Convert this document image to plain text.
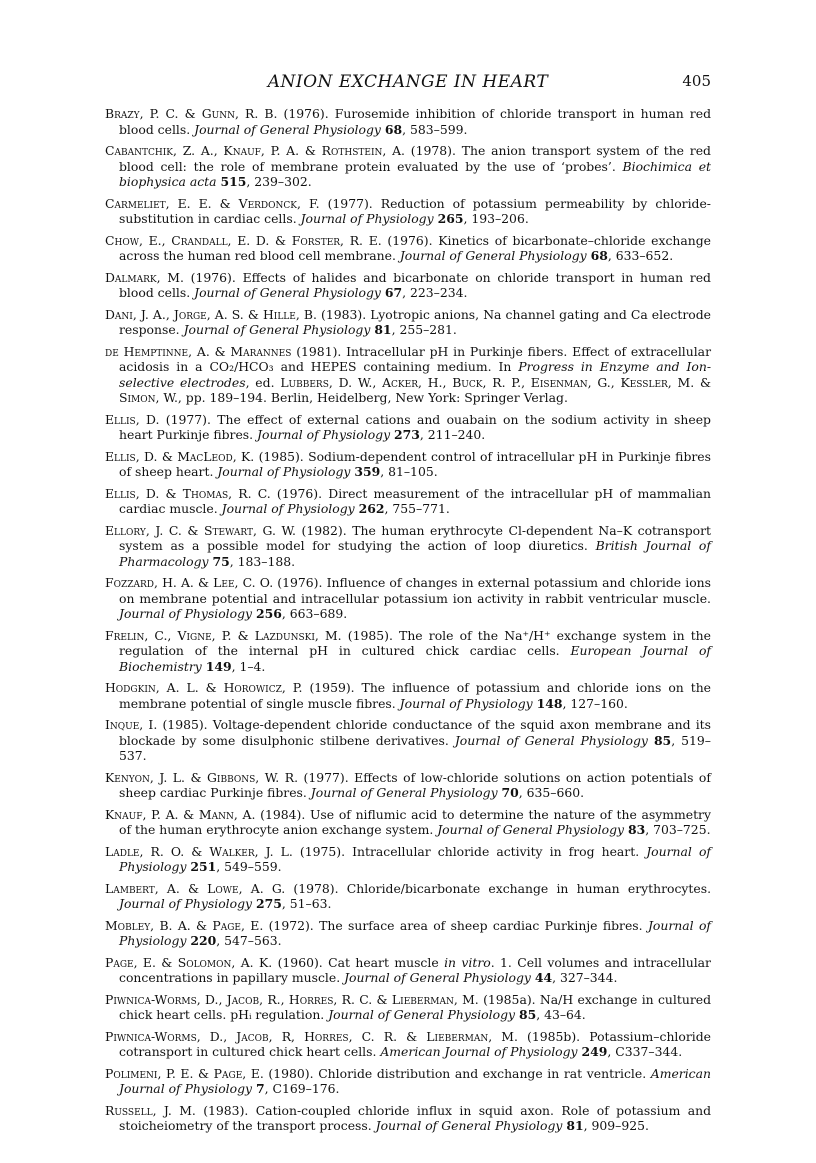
ANION EXCHANGE IN HEART	405

Brazy, P. C. & Gunn, R. B. (1976). Furosemide inhibition of chloride transport in human red blood cells. Journal of General Physiology 68, 583–599.

Cabantchik, Z. A., Knauf, P. A. & Rothstein, A. (1978). The anion transport system of the red blood cell: the role of membrane protein evaluated by the use of ‘probes’. Biochimica et biophysica acta 515, 239–302.

Carmeliet, E. E. & Verdonck, F. (1977). Reduction of potassium permeability by chloride-substitution in cardiac cells. Journal of Physiology 265, 193–206.

Chow, E., Crandall, E. D. & Forster, R. E. (1976). Kinetics of bicarbonate–chloride exchange across the human red blood cell membrane. Journal of General Physiology 68, 633–652.

Dalmark, M. (1976). Effects of halides and bicarbonate on chloride transport in human red blood cells. Journal of General Physiology 67, 223–234.

Dani, J. A., Jorge, A. S. & Hille, B. (1983). Lyotropic anions, Na channel gating and Ca electrode response. Journal of General Physiology 81, 255–281.

de Hemptinne, A. & Marannes (1981). Intracellular pH in Purkinje fibers. Effect of extracellular acidosis in a CO₂/HCO₃ and HEPES containing medium. In Progress in Enzyme and Ion-selective electrodes, ed. Lubbers, D. W., Acker, H., Buck, R. P., Eisenman, G., Kessler, M. & Simon, W., pp. 189–194. Berlin, Heidelberg, New York: Springer Verlag.

Ellis, D. (1977). The effect of external cations and ouabain on the sodium activity in sheep heart Purkinje fibres. Journal of Physiology 273, 211–240.

Ellis, D. & MacLeod, K. (1985). Sodium-dependent control of intracellular pH in Purkinje fibres of sheep heart. Journal of Physiology 359, 81–105.

Ellis, D. & Thomas, R. C. (1976). Direct measurement of the intracellular pH of mammalian cardiac muscle. Journal of Physiology 262, 755–771.

Ellory, J. C. & Stewart, G. W. (1982). The human erythrocyte Cl-dependent Na–K cotransport system as a possible model for studying the action of loop diuretics. British Journal of Pharmacology 75, 183–188.

Fozzard, H. A. & Lee, C. O. (1976). Influence of changes in external potassium and chloride ions on membrane potential and intracellular potassium ion activity in rabbit ventricular muscle. Journal of Physiology 256, 663–689.

Frelin, C., Vigne, P. & Lazdunski, M. (1985). The role of the Na⁺/H⁺ exchange system in the regulation of the internal pH in cultured chick cardiac cells. European Journal of Biochemistry 149, 1–4.

Hodgkin, A. L. & Horowicz, P. (1959). The influence of potassium and chloride ions on the membrane potential of single muscle fibres. Journal of Physiology 148, 127–160.

Inque, I. (1985). Voltage-dependent chloride conductance of the squid axon membrane and its blockade by some disulphonic stilbene derivatives. Journal of General Physiology 85, 519–537.

Kenyon, J. L. & Gibbons, W. R. (1977). Effects of low-chloride solutions on action potentials of sheep cardiac Purkinje fibres. Journal of General Physiology 70, 635–660.

Knauf, P. A. & Mann, A. (1984). Use of niflumic acid to determine the nature of the asymmetry of the human erythrocyte anion exchange system. Journal of General Physiology 83, 703–725.

Ladle, R. O. & Walker, J. L. (1975). Intracellular chloride activity in frog heart. Journal of Physiology 251, 549–559.

Lambert, A. & Lowe, A. G. (1978). Chloride/bicarbonate exchange in human erythrocytes. Journal of Physiology 275, 51–63.

Mobley, B. A. & Page, E. (1972). The surface area of sheep cardiac Purkinje fibres. Journal of Physiology 220, 547–563.

Page, E. & Solomon, A. K. (1960). Cat heart muscle in vitro. 1. Cell volumes and intracellular concentrations in papillary muscle. Journal of General Physiology 44, 327–344.

Piwnica-Worms, D., Jacob, R., Horres, R. C. & Lieberman, M. (1985a). Na/H exchange in cultured chick heart cells. pHᵢ regulation. Journal of General Physiology 85, 43–64.

Piwnica-Worms, D., Jacob, R, Horres, C. R. & Lieberman, M. (1985b). Potassium–chloride cotransport in cultured chick heart cells. American Journal of Physiology 249, C337–344.

Polimeni, P. E. & Page, E. (1980). Chloride distribution and exchange in rat ventricle. American Journal of Physiology 7, C169–176.

Russell, J. M. (1983). Cation-coupled chloride influx in squid axon. Role of potassium and stoicheiometry of the transport process. Journal of General Physiology 81, 909–925.
